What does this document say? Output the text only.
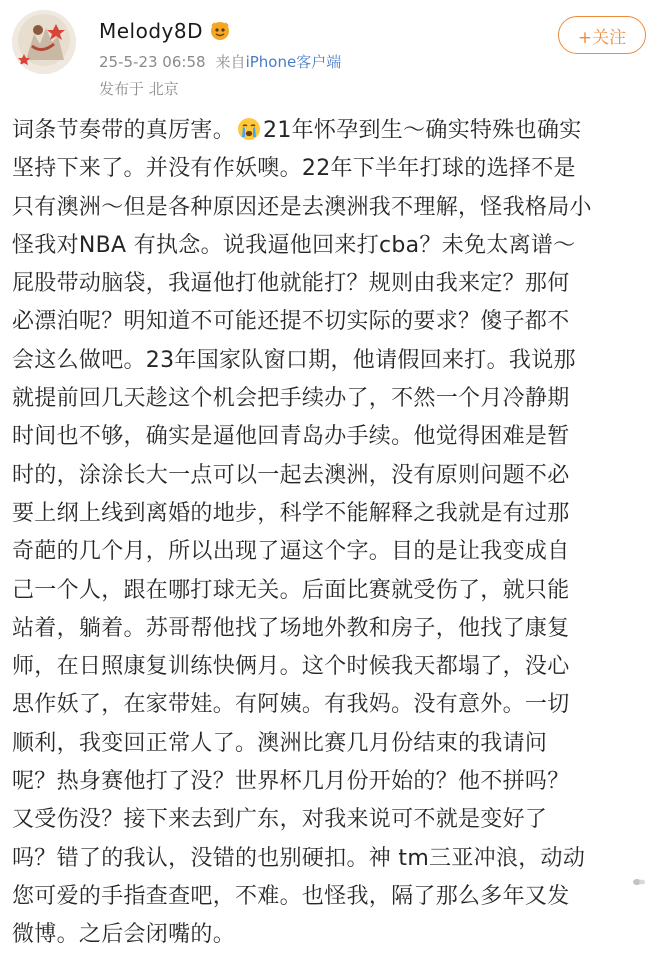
Melody8D
25-5-23 06:58 来自iPhone客户端
发布于 北京
+关注
词条节奏带的真厉害。 21年怀孕到生～确实特殊也确实
坚持下来了。并没有作妖噢。22年下半年打球的选择不是
只有澳洲～但是各种原因还是去澳洲我不理解，怪我格局小
怪我对NBA 有执念。说我逼他回来打cba？未免太离谱～
屁股带动脑袋，我逼他打他就能打？规则由我来定？那何
必漂泊呢？明知道不可能还提不切实际的要求？傻子都不
会这么做吧。23年国家队窗口期，他请假回来打。我说那
就提前回几天趁这个机会把手续办了，不然一个月冷静期
时间也不够，确实是逼他回青岛办手续。他觉得困难是暂
时的，涂涂长大一点可以一起去澳洲，没有原则问题不必
要上纲上线到离婚的地步，科学不能解释之我就是有过那
奇葩的几个月，所以出现了逼这个字。目的是让我变成自
己一个人，跟在哪打球无关。后面比赛就受伤了，就只能
站着，躺着。苏哥帮他找了场地外教和房子，他找了康复
师，在日照康复训练快俩月。这个时候我天都塌了，没心
思作妖了，在家带娃。有阿姨。有我妈。没有意外。一切
顺利，我变回正常人了。澳洲比赛几月份结束的我请问
呢？热身赛他打了没？世界杯几月份开始的？他不拼吗？
又受伤没？接下来去到广东，对我来说可不就是变好了
吗？错了的我认，没错的也别硬扣。神 tm三亚冲浪，动动
您可爱的手指查查吧，不难。也怪我，隔了那么多年又发
微博。之后会闭嘴的。
